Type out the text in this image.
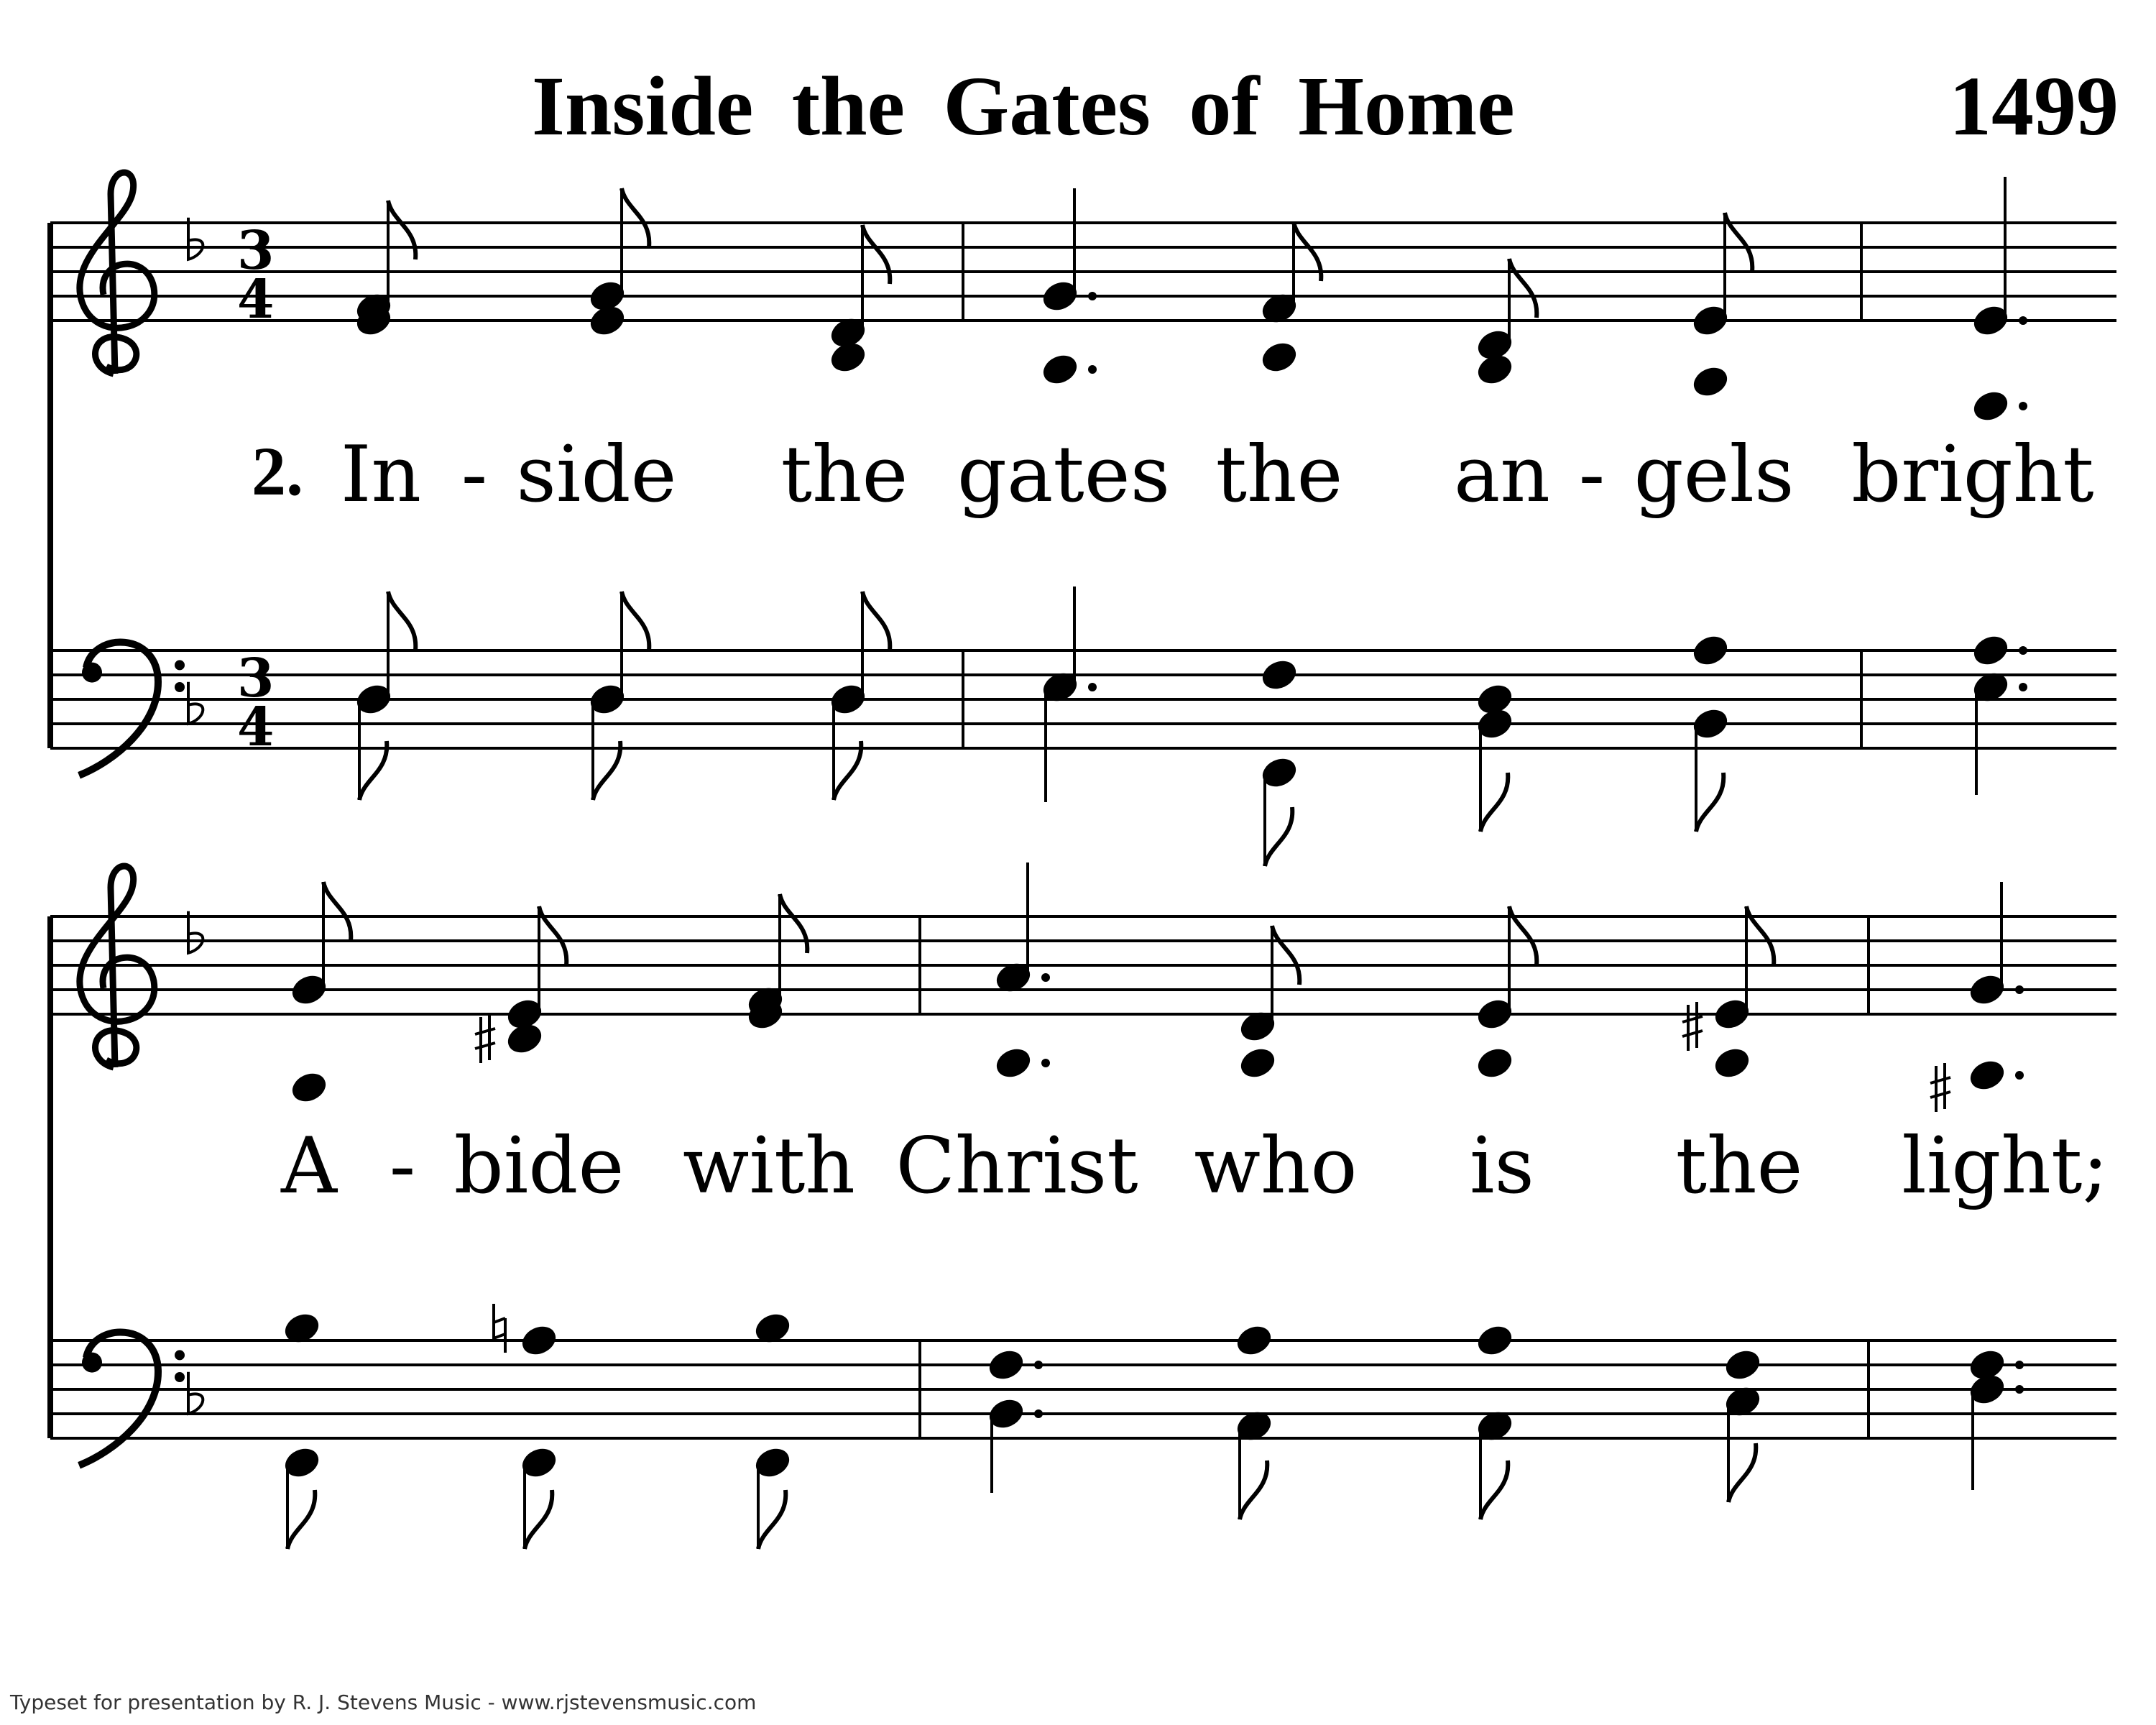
Inside the Gates of Home	1499
3
4
3
4
2. In - side the gates the an - gels bright
A - bide with Christ who is the light;
Typeset for presentation by R. J. Stevens Music - www.rjstevensmusic.com
